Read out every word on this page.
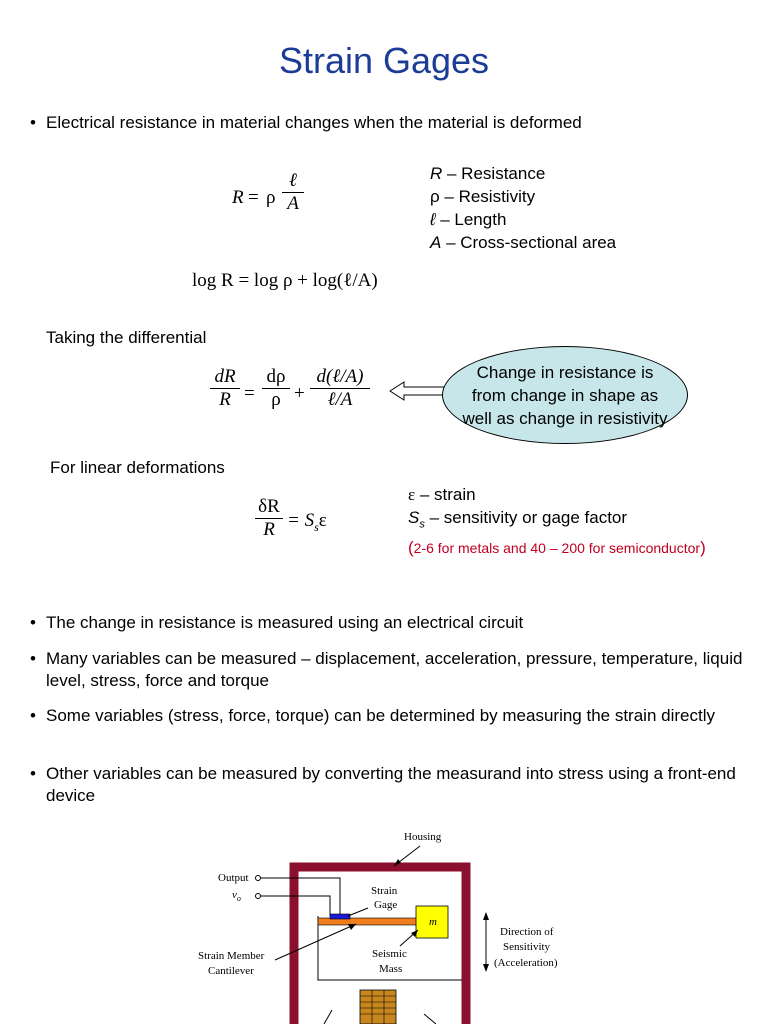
Strain Gages
• Electrical resistance in material changes when the material is deformed
R = ρ
ℓ
A
R – Resistance
ρ – Resistivity
ℓ – Length
A – Cross-sectional area
log R = log ρ + log(ℓ/A)
Taking the differential
$\frac{dR}{R} = \frac{d\rho}{\rho}$ +
d(ℓ/A)
ℓ/A
Change in resistance is from change in shape as well as change in resistivity
For linear deformations
$\frac{\delta R}{R} = S_s\varepsilon$
ε – strain
$S_s$ – sensitivity or gage factor
(2-6 for metals and 40 – 200 for semiconductor)
• The change in resistance is measured using an electrical circuit
• Many variables can be measured – displacement, acceleration, pressure, temperature, liquid level, stress, force and torque
• Some variables (stress, force, torque) can be determined by measuring the strain directly
• Other variables can be measured by converting the measurand into stress using a front-end device
Housing
Output
$v_o$
m
Strain
Gage
Seismic
Mass
Strain Member
Cantilever
Direction of
Sensitivity
(Acceleration)
